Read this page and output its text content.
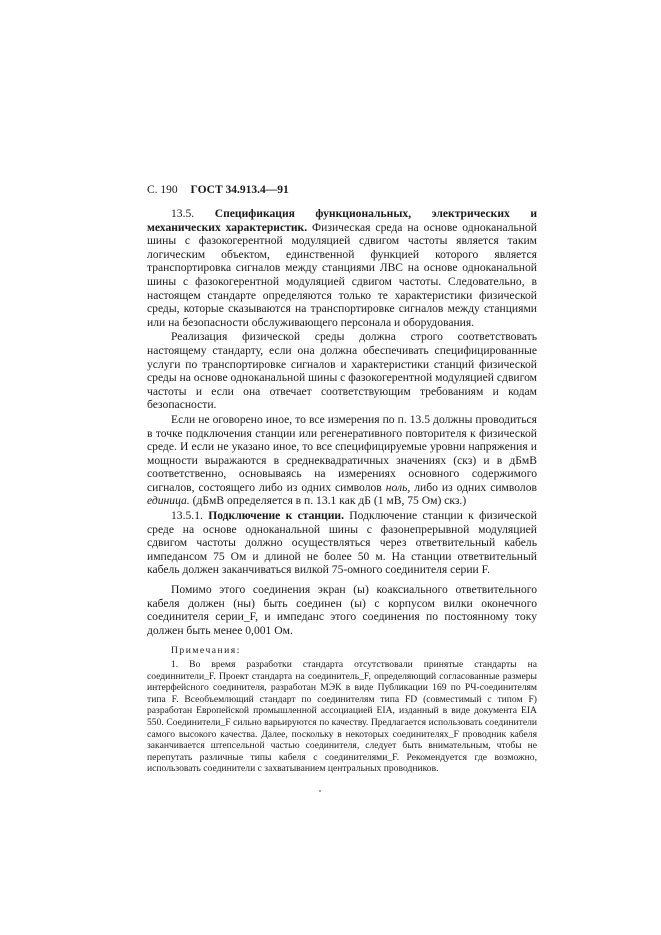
С. 190 ГОСТ 34.913.4—91

13.5. Спецификация функциональных, электрических и механических характеристик. Физическая среда на основе одноканальной шины с фазокогерентной модуляцией сдвигом частоты является таким логическим объектом, единственной функцией которого является транспортировка сигналов между станциями ЛВС на основе одноканальной шины с фазокогерентной модуляцией сдвигом частоты. Следовательно, в настоящем стандарте определяются только те характеристики физической среды, которые сказываются на транспортировке сигналов между станциями или на безопасности обслуживающего персонала и оборудования.

Реализация физической среды должна строго соответствовать настоящему стандарту, если она должна обеспечивать специфицированные услуги по транспортировке сигналов и характеристики станций физической среды на основе одноканальной шины с фазокогерентной модуляцией сдвигом частоты и если она отвечает соответствующим требованиям и кодам безопасности.

Если не оговорено иное, то все измерения по п. 13.5 должны проводиться в точке подключения станции или регенеративного повторителя к физической среде. И если не указано иное, то все специфицируемые уровни напряжения и мощности выражаются в среднеквадратичных значениях (скз) и в дБмВ соответственно, основываясь на измерениях основного содержимого сигналов, состоящего либо из одних символов ноль, либо из одних символов единица. (дБмВ определяется в п. 13.1 как дБ (1 мВ, 75 Ом) скз.)

13.5.1. Подключение к станции. Подключение станции к физической среде на основе одноканальной шины с фазонепрерывной модуляцией сдвигом частоты должно осуществляться через ответвительный кабель импедансом 75 Ом и длиной не более 50 м. На станции ответвительный кабель должен заканчиваться вилкой 75-омного соединителя серии F.

Помимо этого соединения экран (ы) коаксиального ответвительного кабеля должен (ны) быть соединен (ы) с корпусом вилки оконечного соединителя серии_F, и импеданс этого соединения по постоянному току должен быть менее 0,001 Ом.

Примечания:

1. Во время разработки стандарта отсутствовали принятые стандарты на соединнители_F. Проект стандарта на соединитель_F, определяющий согласованные размеры интерфейсного соединителя, разработан МЭК в виде Публикации 169 по РЧ-соединителям типа F. Всеобъемлющий стандарт по соединителям типа FD (совместимый с типом F) разработан Европейской промышленной ассоциацией EIA, изданный в виде документа EIA 550. Соединители_F сильно варьируются по качеству. Предлагается использовать соединители самого высокого качества. Далее, поскольку в некоторых соединителях_F проводник кабеля заканчивается штепсельной частью соединителя, следует быть внимательным, чтобы не перепутать различные типы кабеля с соединителями_F. Рекомендуется где возможно, использовать соединители с захватыванием центральных проводников.
